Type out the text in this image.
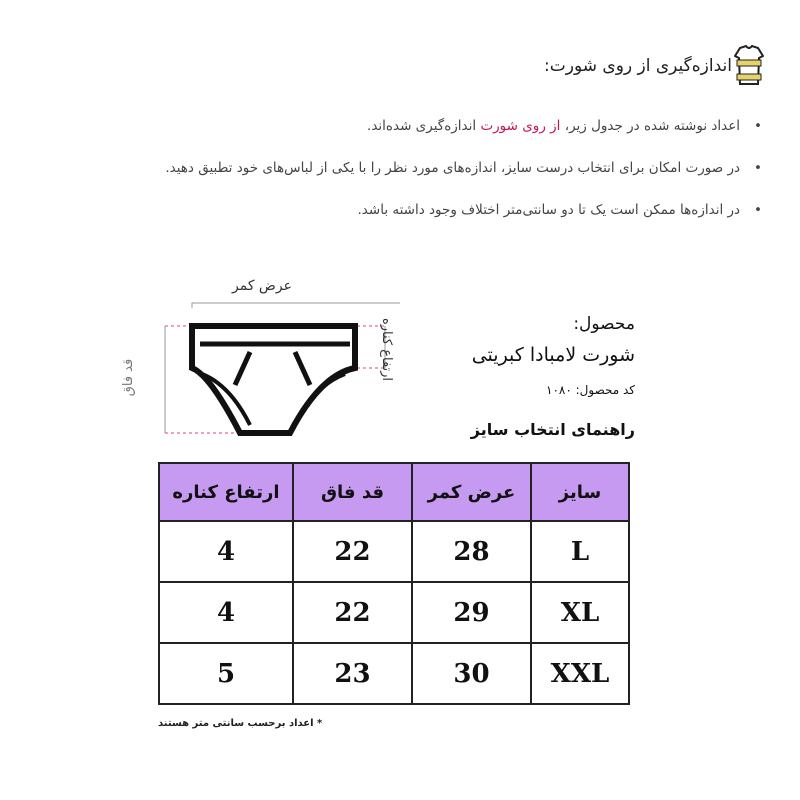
اندازه‌گیری از روی شورت:
• اعداد نوشته شده در جدول زیر، از روی شورت اندازه‌گیری شده‌اند.
• در صورت امکان برای انتخاب درست سایز، اندازه‌های مورد نظر را با یکی از لباس‌های خود تطبیق دهید.
• در اندازه‌ها ممکن است یک تا دو سانتی‌متر اختلاف وجود داشته باشد.
عرض کمر
قد فاق	ارتفاع کناره	محصول:
شورت لامبادا کبریتی
کد محصول: ۱۰۸۰
راهنمای انتخاب سایز
ارتفاع کناره	قد فاق	عرض کمر	سایز
4	22	28	L
4	22	29	XL
5	23	30	XXL
* اعداد برحسب سانتی متر هستند
